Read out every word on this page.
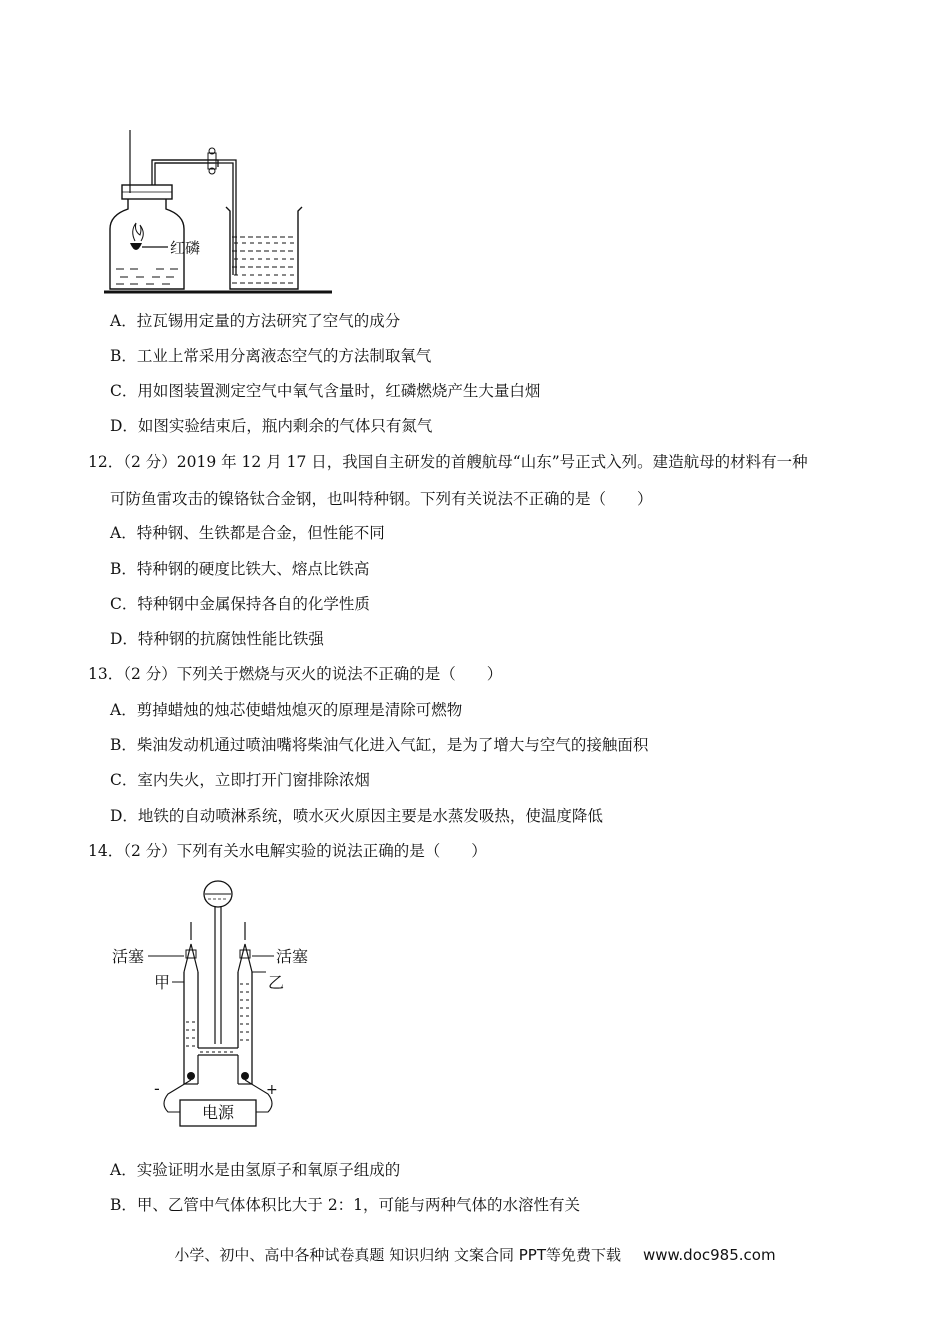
红磷
A．拉瓦锡用定量的方法研究了空气的成分
B．工业上常采用分离液态空气的方法制取氧气
C．用如图装置测定空气中氧气含量时，红磷燃烧产生大量白烟
D．如图实验结束后，瓶内剩余的气体只有氮气
12．（2 分）2019 年 12 月 17 日，我国自主研发的首艘航母“山东”号正式入列。建造航母的材料有一种
可防鱼雷攻击的镍铬钛合金钢，也叫特种钢。下列有关说法不正确的是（　　）
A．特种钢、生铁都是合金，但性能不同
B．特种钢的硬度比铁大、熔点比铁高
C．特种钢中金属保持各自的化学性质
D．特种钢的抗腐蚀性能比铁强
13．（2 分）下列关于燃烧与灭火的说法不正确的是（　　）
A．剪掉蜡烛的烛芯使蜡烛熄灭的原理是清除可燃物
B．柴油发动机通过喷油嘴将柴油气化进入气缸，是为了增大与空气的接触面积
C．室内失火，立即打开门窗排除浓烟
D．地铁的自动喷淋系统，喷水灭火原因主要是水蒸发吸热，使温度降低
14．（2 分）下列有关水电解实验的说法正确的是（　　）
电源
活塞	活塞
甲	乙
-	+
A．实验证明水是由氢原子和氧原子组成的
B．甲、乙管中气体体积比大于 2：1，可能与两种气体的水溶性有关
小学、初中、高中各种试卷真题 知识归纳 文案合同 PPT等免费下载 www.doc985.com
